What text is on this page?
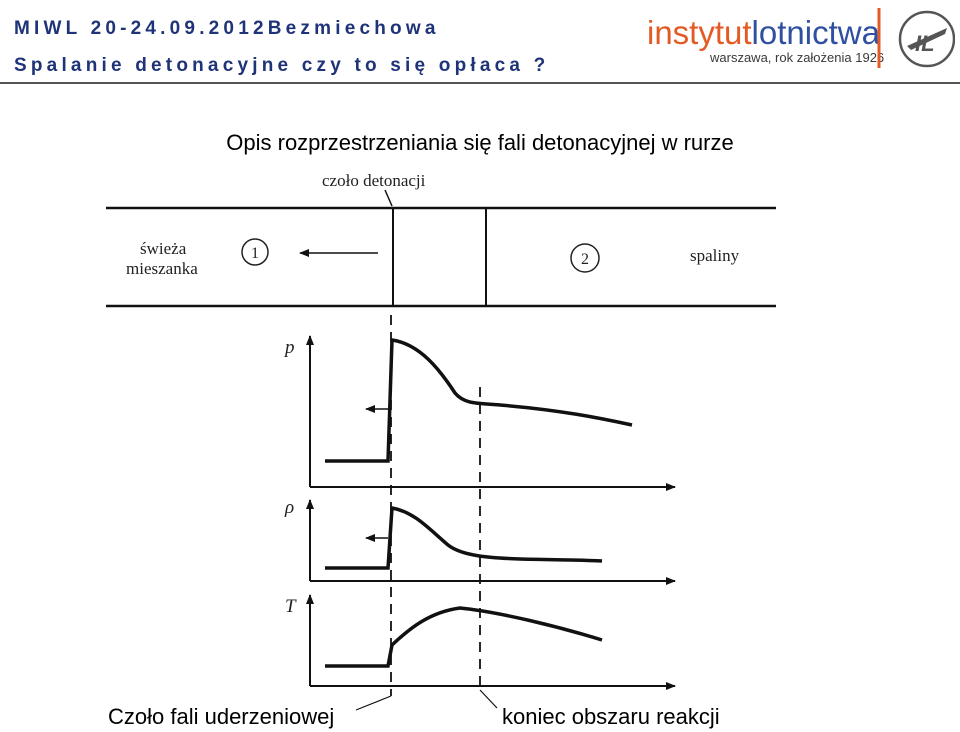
MIWL 20-24.09.2012Bezmiechowa
Spalanie detonacyjne czy to się opłaca ?
instytutlotnictwa
warszawa, rok założenia 1926
IL
Opis rozprzestrzeniania się fali detonacyjnej w rurze
czoło detonacji
świeża
mieszanka
1	2	spaliny
p
ρ
T
Czoło fali uderzeniowej	koniec obszaru reakcji
